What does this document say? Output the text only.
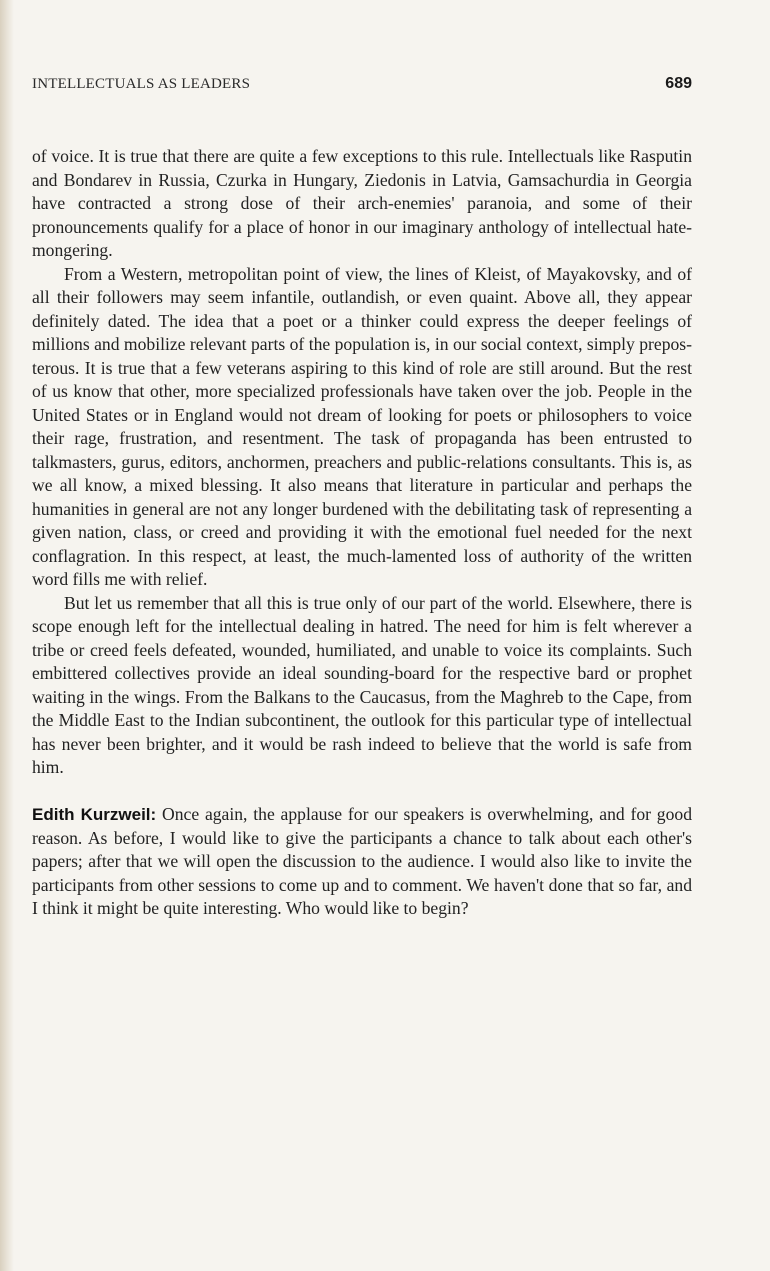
INTELLECTUALS AS LEADERS	689

of voice. It is true that there are quite a few exceptions to this rule. Intellectuals like Rasputin and Bondarev in Russia, Czurka in Hungary, Ziedonis in Latvia, Gamsachurdia in Georgia have contracted a strong dose of their arch-enemies' paranoia, and some of their pronouncements qualify for a place of honor in our imaginary anthology of intellectual hate-mongering.

From a Western, metropolitan point of view, the lines of Kleist, of Mayakovsky, and of all their followers may seem infantile, outlandish, or even quaint. Above all, they appear definitely dated. The idea that a poet or a thinker could express the deeper feelings of millions and mobilize relevant parts of the population is, in our social context, simply preposterous. It is true that a few veterans aspiring to this kind of role are still around. But the rest of us know that other, more specialized professionals have taken over the job. People in the United States or in England would not dream of looking for poets or philosophers to voice their rage, frustration, and resentment. The task of propaganda has been entrusted to talkmasters, gurus, editors, anchormen, preachers and public-relations consultants. This is, as we all know, a mixed blessing. It also means that literature in particular and perhaps the humanities in general are not any longer burdened with the debilitating task of representing a given nation, class, or creed and providing it with the emotional fuel needed for the next conflagration. In this respect, at least, the much-lamented loss of authority of the written word fills me with relief.

But let us remember that all this is true only of our part of the world. Elsewhere, there is scope enough left for the intellectual dealing in hatred. The need for him is felt wherever a tribe or creed feels defeated, wounded, humiliated, and unable to voice its complaints. Such embittered collectives provide an ideal sounding-board for the respective bard or prophet waiting in the wings. From the Balkans to the Caucasus, from the Maghreb to the Cape, from the Middle East to the Indian subcontinent, the outlook for this particular type of intellectual has never been brighter, and it would be rash indeed to believe that the world is safe from him.

Edith Kurzweil: Once again, the applause for our speakers is overwhelming, and for good reason. As before, I would like to give the participants a chance to talk about each other's papers; after that we will open the discussion to the audience. I would also like to invite the participants from other sessions to come up and to comment. We haven't done that so far, and I think it might be quite interesting. Who would like to begin?
